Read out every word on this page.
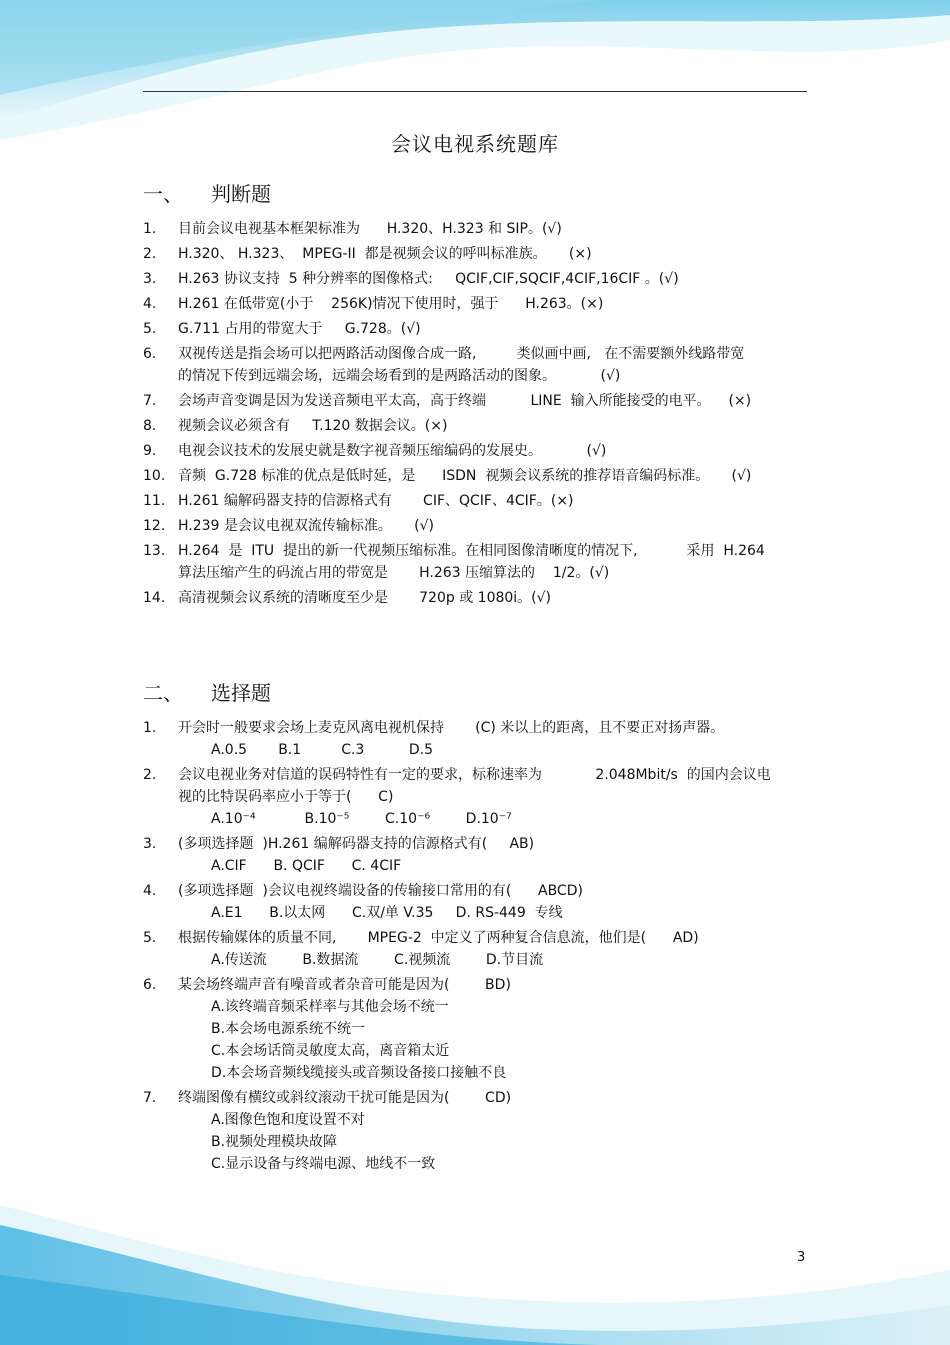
会议电视系统题库
一、 判断题
1. 目前会议电视基本框架标准为      H.320、H.323 和 SIP。(√)
2. H.320、 H.323、  MPEG-II  都是视频会议的呼叫标准族。     (×)
3. H.263 协议支持  5 种分辨率的图像格式:     QCIF,CIF,SQCIF,4CIF,16CIF 。(√)
4. H.261 在低带宽(小于    256K)情况下使用时，强于      H.263。(×)
5. G.711 占用的带宽大于     G.728。(√)
6. 双视传送是指会场可以把两路活动图像合成一路,         类似画中画,   在不需要额外线路带宽
的情况下传到远端会场，远端会场看到的是两路活动的图象。          (√)
7. 会场声音变调是因为发送音频电平太高，高于终端          LINE  输入所能接受的电平。    (×)
8. 视频会议必须含有     T.120 数据会议。(×)
9. 电视会议技术的发展史就是数字视音频压缩编码的发展史。          (√)
10. 音频  G.728 标准的优点是低时延，是      ISDN  视频会议系统的推荐语音编码标准。     (√)
11. H.261 编解码器支持的信源格式有       CIF、QCIF、4CIF。(×)
12. H.239 是会议电视双流传输标准。     (√)
13. H.264  是  ITU  提出的新一代视频压缩标准。在相同图像清晰度的情况下,           采用  H.264
算法压缩产生的码流占用的带宽是       H.263 压缩算法的    1/2。(√)
14. 高清视频会议系统的清晰度至少是       720p 或 1080i。(√)
二、 选择题
1. 开会时一般要求会场上麦克风离电视机保持       (C) 米以上的距离，且不要正对扬声器。
A.0.5       B.1         C.3          D.5
2. 会议电视业务对信道的误码特性有一定的要求，标称速率为            2.048Mbit/s  的国内会议电
视的比特误码率应小于等于(      C)
A.10⁻⁴           B.10⁻⁵        C.10⁻⁶        D.10⁻⁷
3. (多项选择题  )H.261 编解码器支持的信源格式有(     AB)
A.CIF      B. QCIF      C. 4CIF
4. (多项选择题  )会议电视终端设备的传输接口常用的有(      ABCD)
A.E1      B.以太网      C.双/单 V.35     D. RS-449  专线
5. 根据传输媒体的质量不同,       MPEG-2  中定义了两种复合信息流，他们是(      AD)
A.传送流        B.数据流        C.视频流        D.节目流
6. 某会场终端声音有噪音或者杂音可能是因为(        BD)
A.该终端音频采样率与其他会场不统一
B.本会场电源系统不统一
C.本会场话筒灵敏度太高，离音箱太近
D.本会场音频线缆接头或音频设备接口接触不良
7. 终端图像有横纹或斜纹滚动干扰可能是因为(        CD)
A.图像色饱和度设置不对
B.视频处理模块故障
C.显示设备与终端电源、地线不一致
3
